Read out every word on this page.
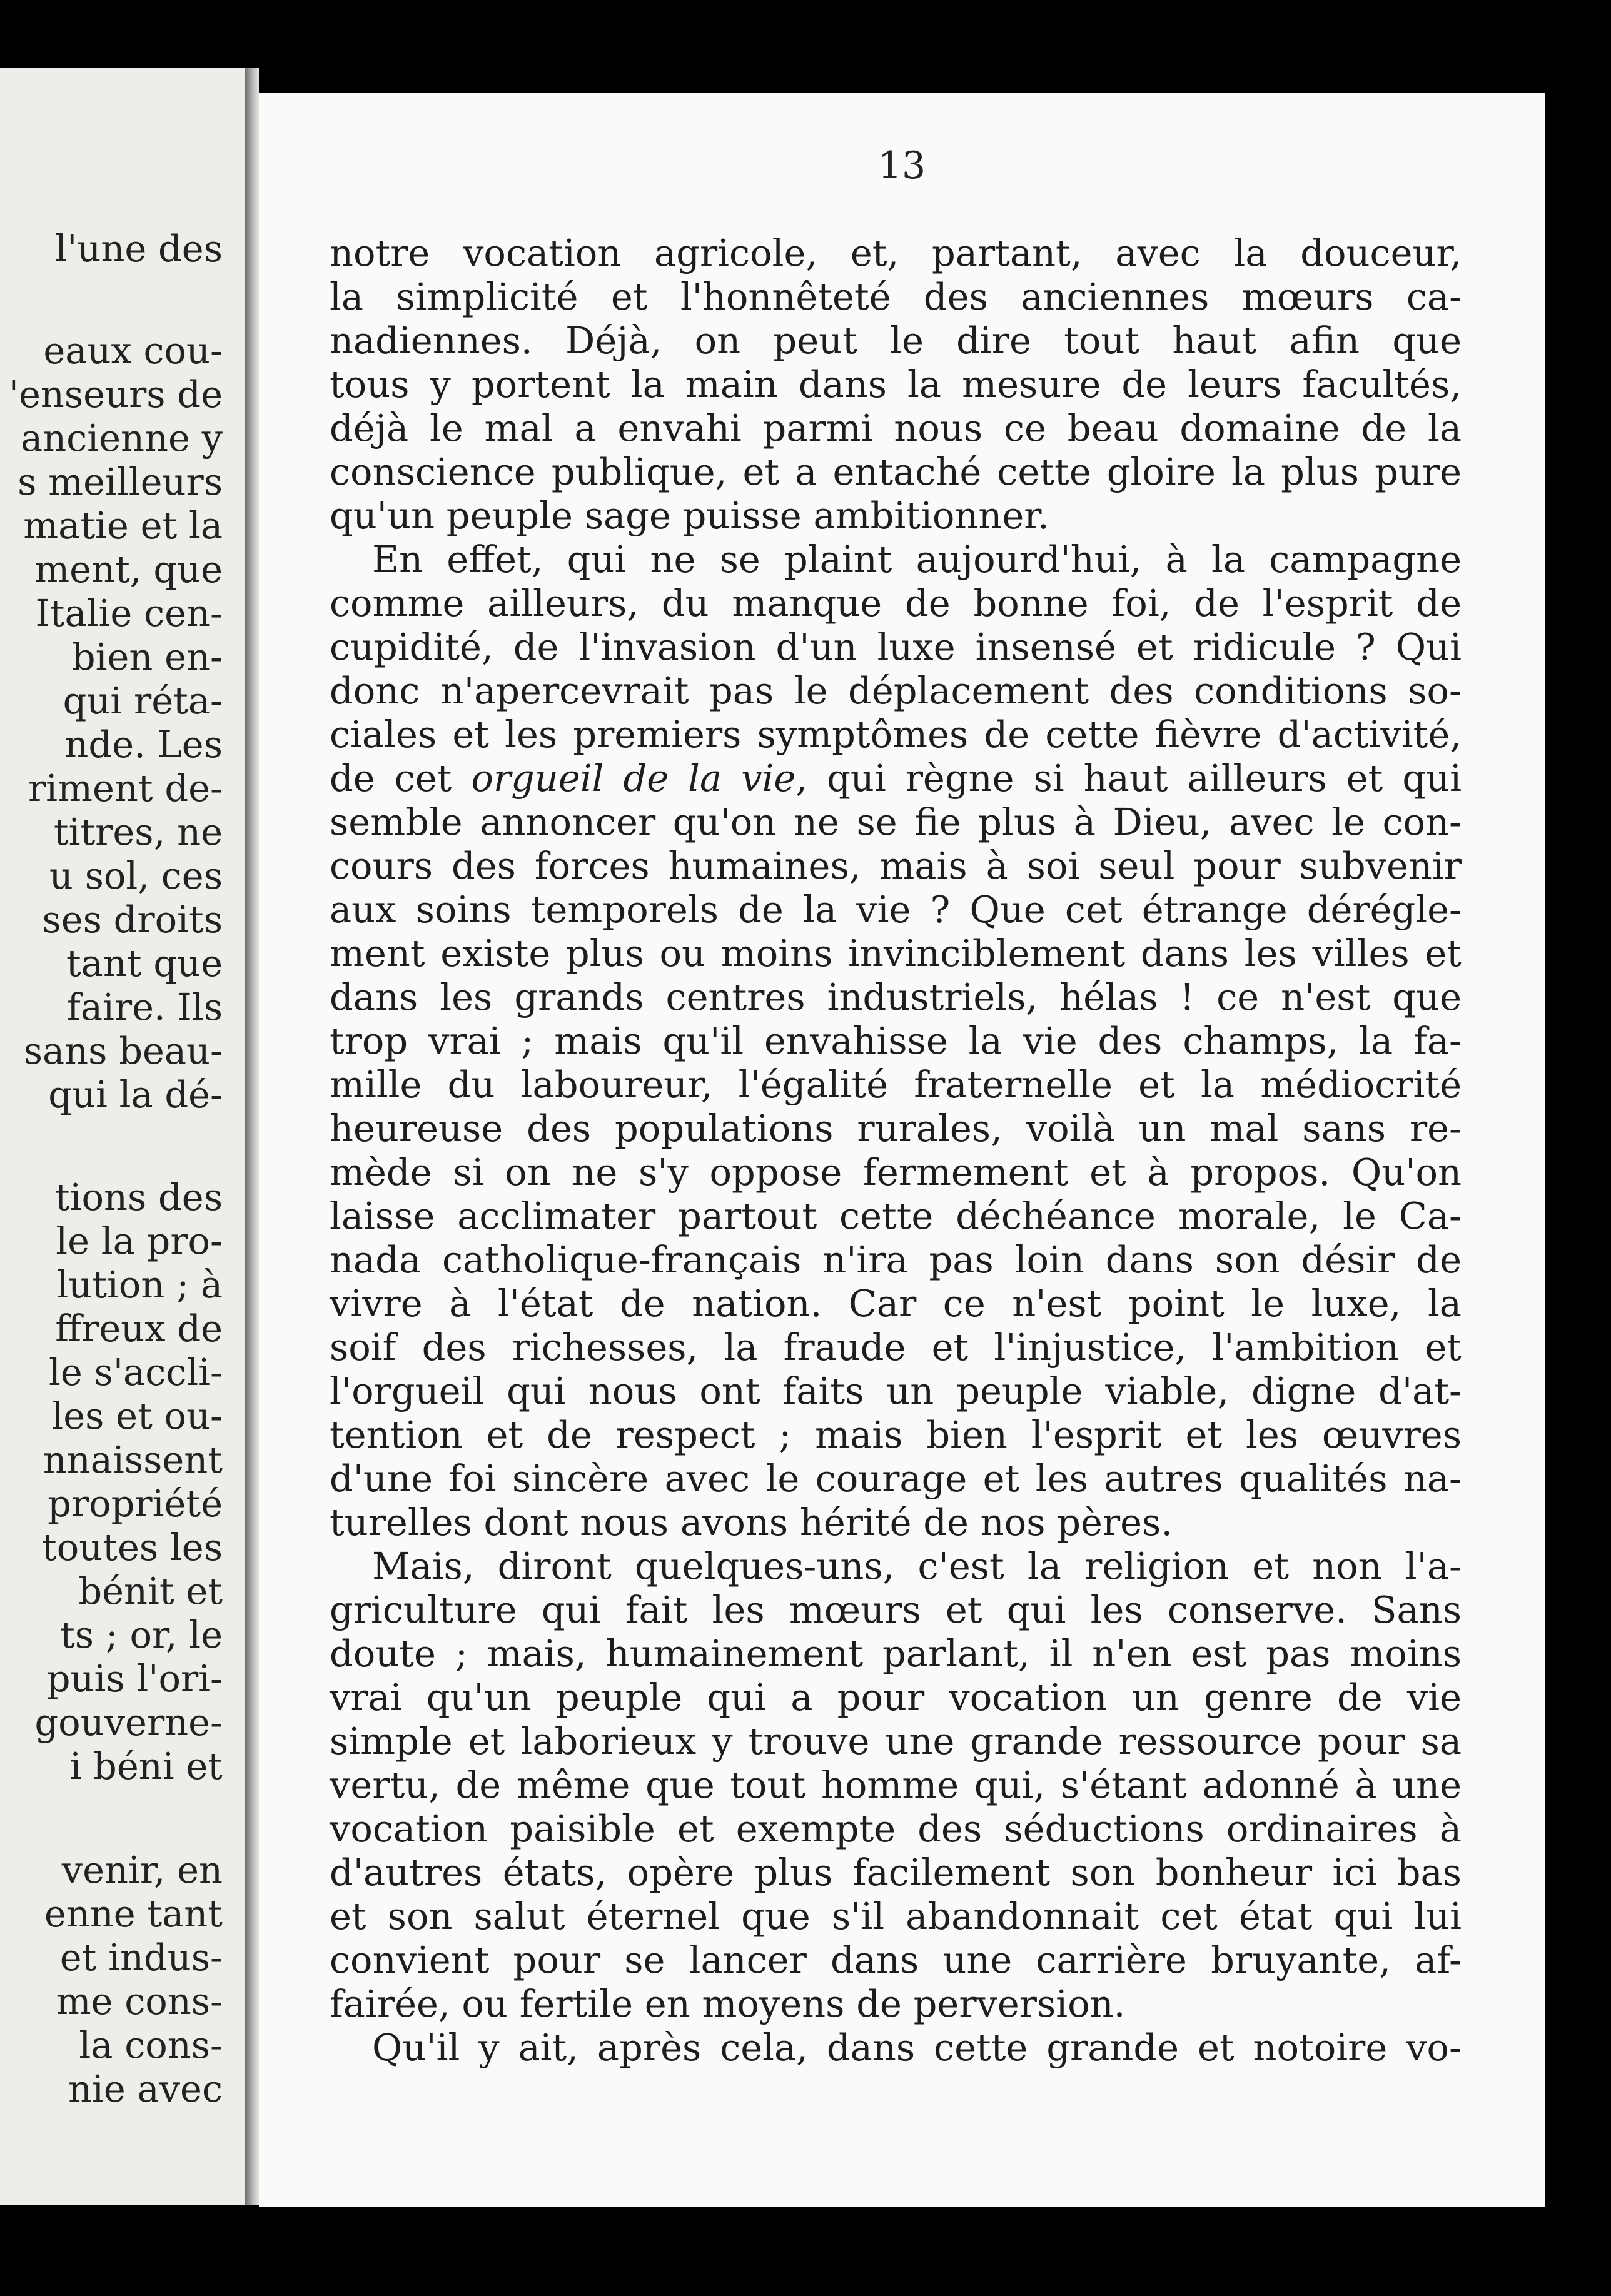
l'une des
eaux cou-
'enseurs de
ancienne y
s meilleurs
matie et la
ment, que
Italie cen-
bien en-
qui réta-
nde. Les
riment de-
titres, ne
u sol, ces
ses droits
tant que
faire. Ils
sans beau-
qui la dé-
tions des
le la pro-
lution ; à
ffreux de
le s'accli-
les et ou-
nnaissent
propriété
toutes les
bénit et
ts ; or, le
puis l'ori-
gouverne-
i béni et
venir, en
enne tant
et indus-
me cons-
la cons-
nie avec
13
notre vocation agricole, et, partant, avec la douceur,
la simplicité et l'honnêteté des anciennes mœurs ca-
nadiennes. Déjà, on peut le dire tout haut afin que
tous y portent la main dans la mesure de leurs facultés,
déjà le mal a envahi parmi nous ce beau domaine de la
conscience publique, et a entaché cette gloire la plus pure
qu'un peuple sage puisse ambitionner.
En effet, qui ne se plaint aujourd'hui, à la campagne
comme ailleurs, du manque de bonne foi, de l'esprit de
cupidité, de l'invasion d'un luxe insensé et ridicule ? Qui
donc n'apercevrait pas le déplacement des conditions so-
ciales et les premiers symptômes de cette fièvre d'activité,
de cet orgueil de la vie, qui règne si haut ailleurs et qui
semble annoncer qu'on ne se fie plus à Dieu, avec le con-
cours des forces humaines, mais à soi seul pour subvenir
aux soins temporels de la vie ? Que cet étrange dérégle-
ment existe plus ou moins invinciblement dans les villes et
dans les grands centres industriels, hélas ! ce n'est que
trop vrai ; mais qu'il envahisse la vie des champs, la fa-
mille du laboureur, l'égalité fraternelle et la médiocrité
heureuse des populations rurales, voilà un mal sans re-
mède si on ne s'y oppose fermement et à propos. Qu'on
laisse acclimater partout cette déchéance morale, le Ca-
nada catholique-français n'ira pas loin dans son désir de
vivre à l'état de nation. Car ce n'est point le luxe, la
soif des richesses, la fraude et l'injustice, l'ambition et
l'orgueil qui nous ont faits un peuple viable, digne d'at-
tention et de respect ; mais bien l'esprit et les œuvres
d'une foi sincère avec le courage et les autres qualités na-
turelles dont nous avons hérité de nos pères.
Mais, diront quelques-uns, c'est la religion et non l'a-
griculture qui fait les mœurs et qui les conserve. Sans
doute ; mais, humainement parlant, il n'en est pas moins
vrai qu'un peuple qui a pour vocation un genre de vie
simple et laborieux y trouve une grande ressource pour sa
vertu, de même que tout homme qui, s'étant adonné à une
vocation paisible et exempte des séductions ordinaires à
d'autres états, opère plus facilement son bonheur ici bas
et son salut éternel que s'il abandonnait cet état qui lui
convient pour se lancer dans une carrière bruyante, af-
fairée, ou fertile en moyens de perversion.
Qu'il y ait, après cela, dans cette grande et notoire vo-
